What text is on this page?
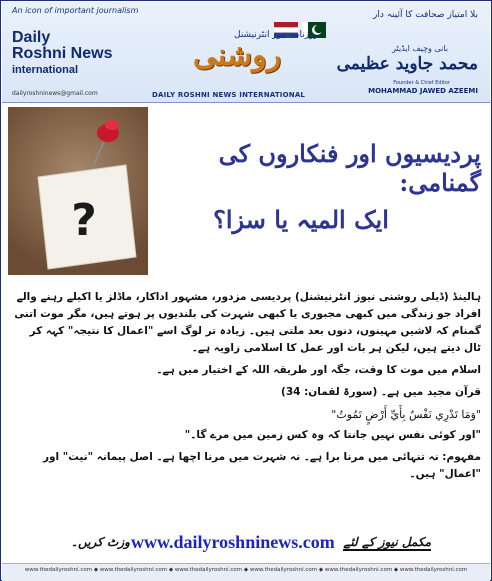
An icon of important journalism	بلا امتیاز صحافت کا آئینہ دار
Daily
Roshni News
international
dailyroshninews@gmail.com
روزنامہ نیوز انٹرنیشنل
روشنی
DAILY ROSHNI NEWS INTERNATIONAL
بانی وچیف ایڈیٹر
محمد جاوید عظیمی
Founder & Chief Editor
MOHAMMAD JAWED AZEEMI
?
پردیسیوں اور فنکاروں کی گمنامی:
ایک المیہ یا سزا؟

ہالینڈ (ڈیلی روشنی نیوز انٹرنیشنل) پردیسی مزدور، مشہور اداکار، ماڈلز یا اکیلے رہنے والے افراد جو زندگی میں کبھی مجبوری یا کبھی شہرت کی بلندیوں پر ہوتے ہیں، مگر موت اتنی گمنام کہ لاشیں مہینوں، دنوں بعد ملتی ہیں۔ زیادہ تر لوگ اسے "اعمال کا نتیجہ" کہہ کر ٹال دیتے ہیں، لیکن ہر بات اور عمل کا اسلامی زاویہ ہے۔

اسلام میں موت کا وقت، جگہ اور طریقہ اللہ کے اختیار میں ہے۔

قرآن مجید میں ہے۔ (سورۃ لقمان: 34)

"وَمَا تَدْرِي نَفْسٌ بِأَيِّ أَرْضٍ تَمُوتُ"

"اور کوئی نفس نہیں جانتا کہ وہ کس زمین میں مرے گا۔"

مفہوم: نہ تنہائی میں مرنا برا ہے۔ نہ شہرت میں مرنا اچھا ہے۔ اصل پیمانہ "نیت" اور "اعمال" ہیں۔

مکمل نیوز کے لئے
www.dailyroshninews.com
وزٹ کریں۔
www.thedailyroshni.com ◆ www.thedailyroshni.com ◆ www.thedailyroshni.com ◆ www.thedailyroshni.com ◆ www.thedailyroshni.com ◆ www.thedailyroshni.com
